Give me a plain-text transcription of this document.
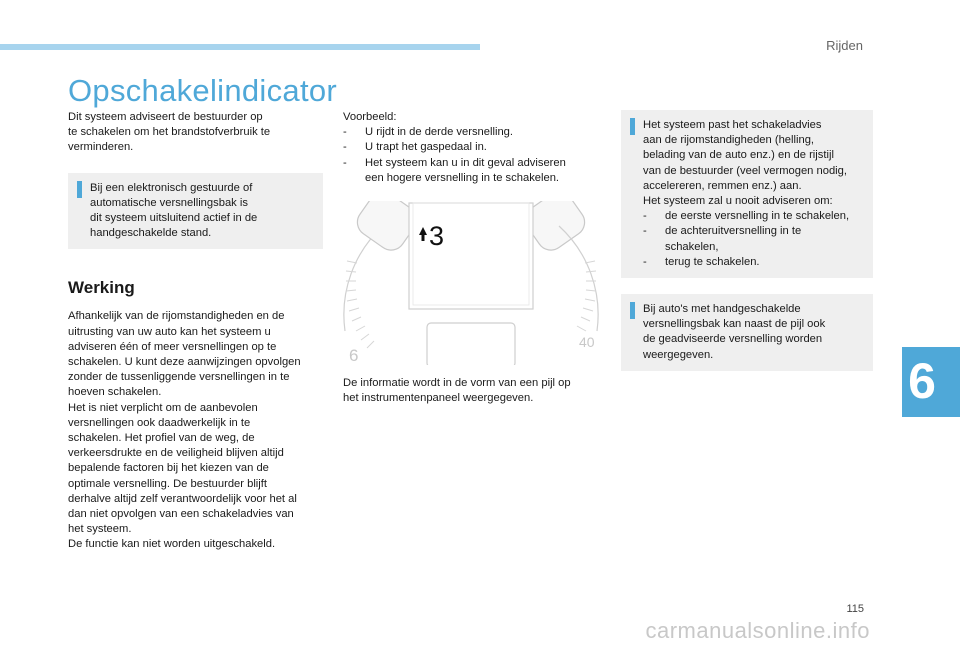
Rijden
Opschakelindicator

Dit systeem adviseert de bestuurder op
te schakelen om het brandstofverbruik te
verminderen.

Bij een elektronisch gestuurde of
automatische versnellingsbak is
dit systeem uitsluitend actief in de
handgeschakelde stand.

Werking

Afhankelijk van de rijomstandigheden en de
uitrusting van uw auto kan het systeem u
adviseren één of meer versnellingen op te
schakelen. U kunt deze aanwijzingen opvolgen
zonder de tussenliggende versnellingen in te
hoeven schakelen.
Het is niet verplicht om de aanbevolen
versnellingen ook daadwerkelijk in te
schakelen. Het profiel van de weg, de
verkeersdrukte en de veiligheid blijven altijd
bepalende factoren bij het kiezen van de
optimale versnelling. De bestuurder blijft
derhalve altijd zelf verantwoordelijk voor het al
dan niet opvolgen van een schakeladvies van
het systeem.
De functie kan niet worden uitgeschakeld.

Voorbeeld:

- U rijdt in de derde versnelling.
- U trapt het gaspedaal in.
- Het systeem kan u in dit geval adviseren
een hogere versnelling in te schakelen.
3
6
40

De informatie wordt in de vorm van een pijl op
het instrumentenpaneel weergegeven.

Het systeem past het schakeladvies
aan de rijomstandigheden (helling,
belading van de auto enz.) en de rijstijl
van de bestuurder (veel vermogen nodig,
accelereren, remmen enz.) aan.
Het systeem zal u nooit adviseren om:

- de eerste versnelling in te schakelen,
- de achteruitversnelling in te
schakelen,
- terug te schakelen.

Bij auto's met handgeschakelde
versnellingsbak kan naast de pijl ook
de geadviseerde versnelling worden
weergegeven.	6
115
carmanualsonline.info
